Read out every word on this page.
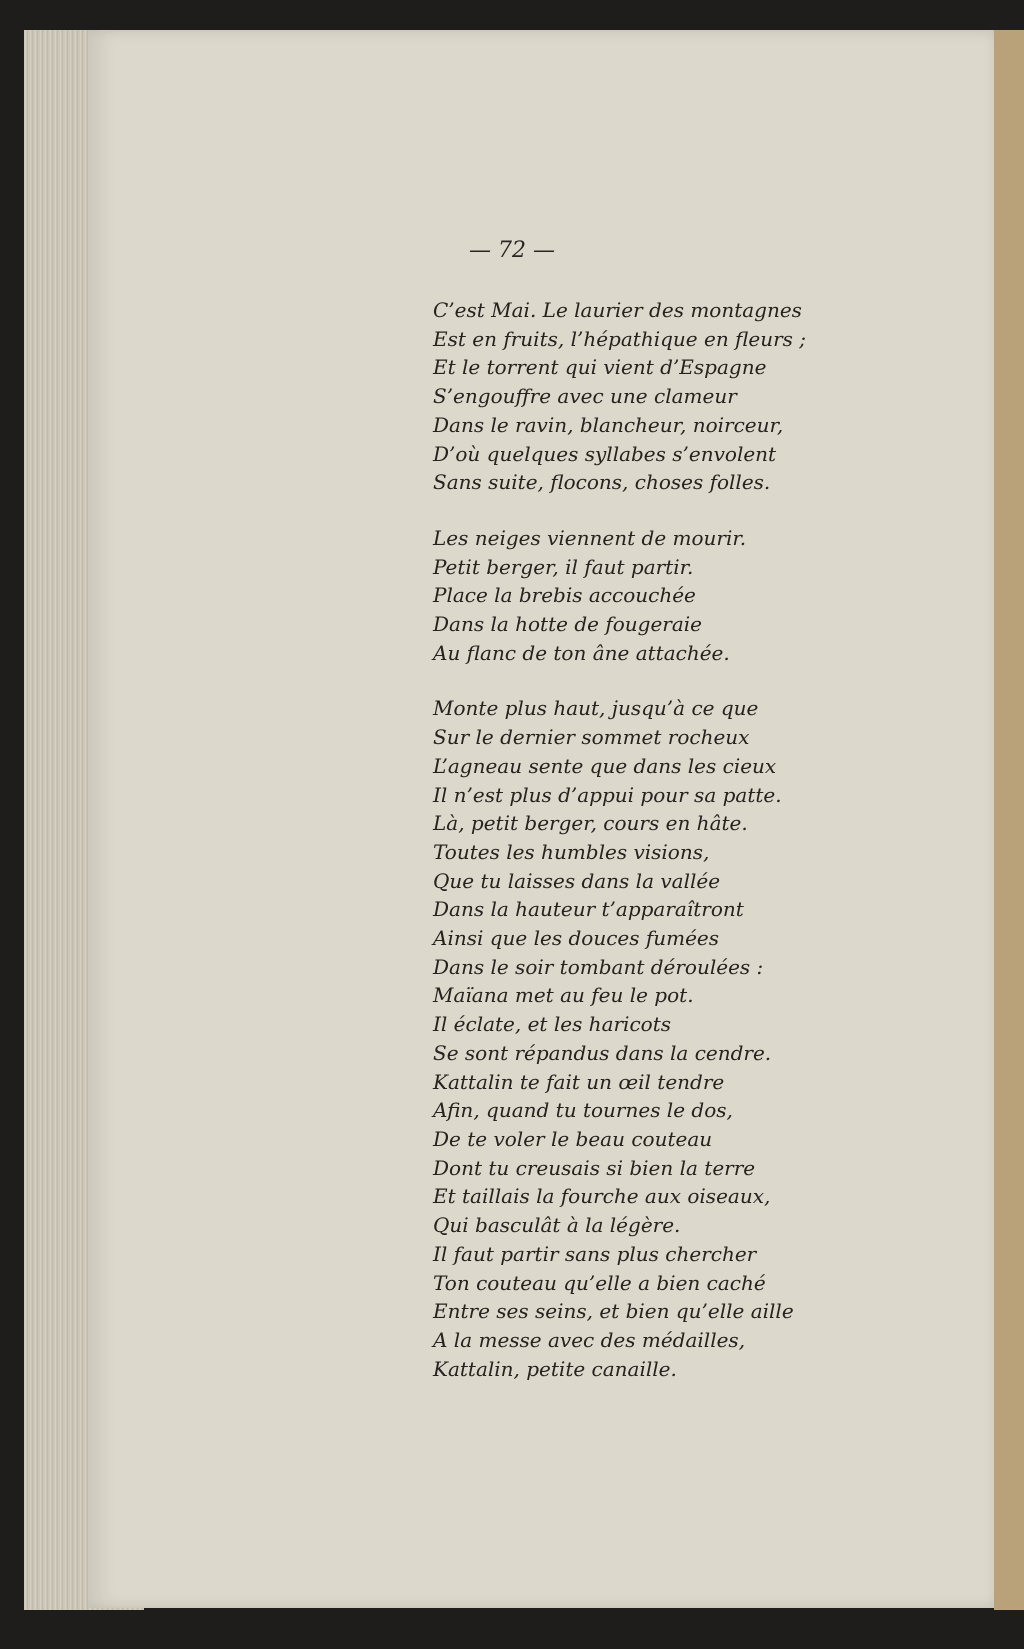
— 72 —
C’est Mai. Le laurier des montagnes
Est en fruits, l’hépathique en fleurs ;
Et le torrent qui vient d’Espagne
S’engouffre avec une clameur
Dans le ravin, blancheur, noirceur,
D’où quelques syllabes s’envolent
Sans suite, flocons, choses folles.
Les neiges viennent de mourir.
Petit berger, il faut partir.
Place la brebis accouchée
Dans la hotte de fougeraie
Au flanc de ton âne attachée.
Monte plus haut, jusqu’à ce que
Sur le dernier sommet rocheux
L’agneau sente que dans les cieux
Il n’est plus d’appui pour sa patte.
Là, petit berger, cours en hâte.
Toutes les humbles visions,
Que tu laisses dans la vallée
Dans la hauteur t’apparaîtront
Ainsi que les douces fumées
Dans le soir tombant déroulées :
Maïana met au feu le pot.
Il éclate, et les haricots
Se sont répandus dans la cendre.
Kattalin te fait un œil tendre
Afin, quand tu tournes le dos,
De te voler le beau couteau
Dont tu creusais si bien la terre
Et taillais la fourche aux oiseaux,
Qui basculât à la légère.
Il faut partir sans plus chercher
Ton couteau qu’elle a bien caché
Entre ses seins, et bien qu’elle aille
A la messe avec des médailles,
Kattalin, petite canaille.
